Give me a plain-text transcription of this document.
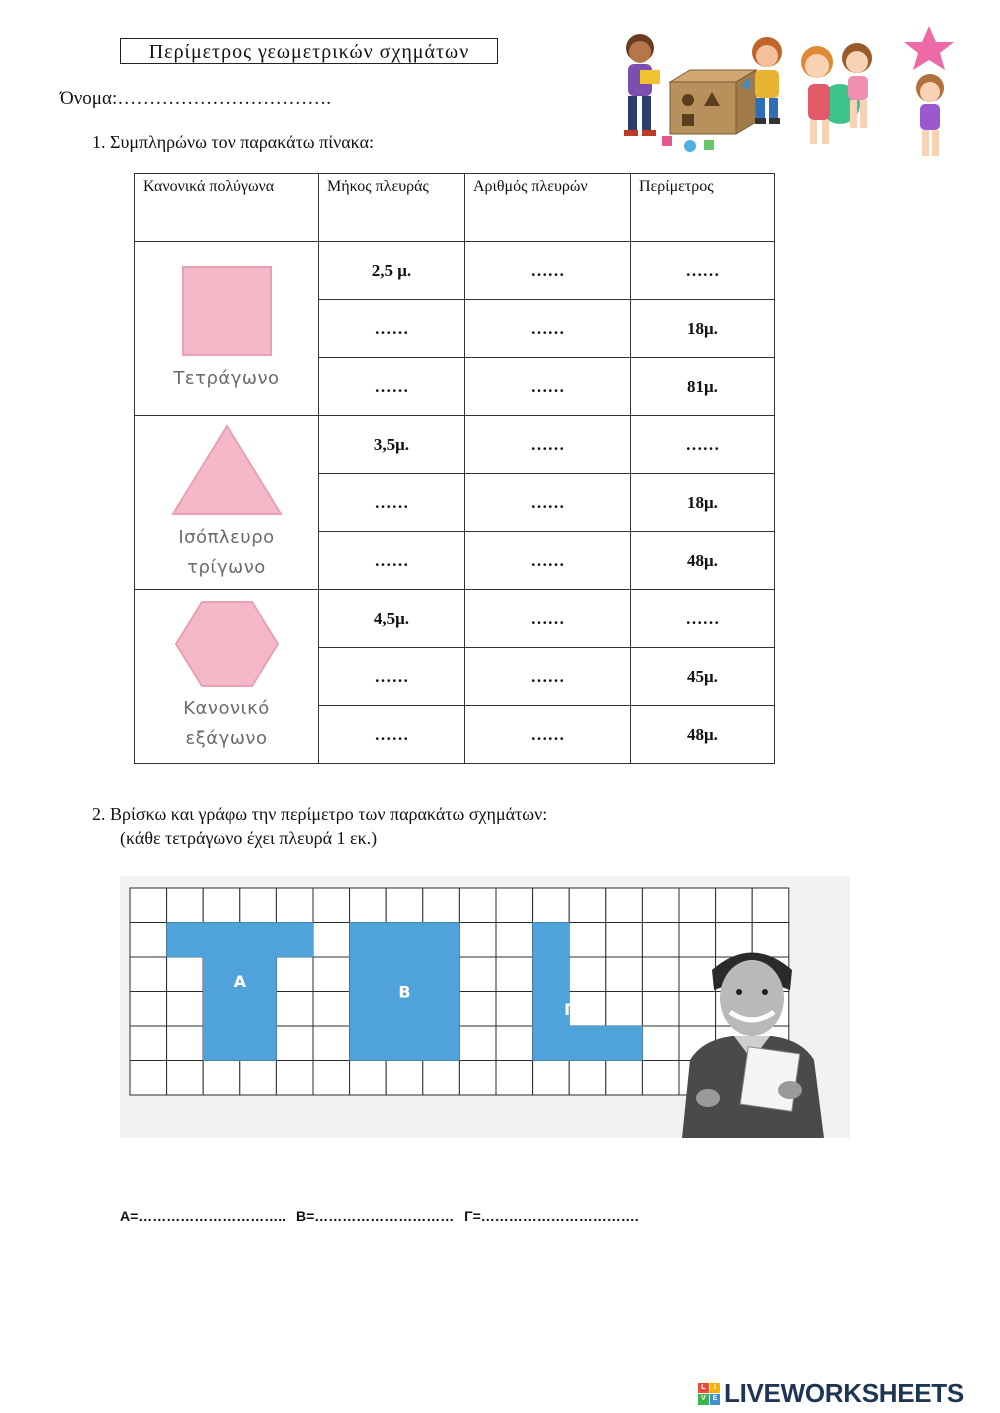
Περίμετρος γεωμετρικών σχημάτων
Όνομα:…………………………….
1. Συμπληρώνω τον παρακάτω πίνακα:
Κανονικά πολύγωνα	Μήκος πλευράς	Αριθμός πλευρών	Περίμετρος

Τετράγωνο	2,5 μ.	……	……
	……	……	18μ.
	……	……	81μ.

Ισόπλευρο
τρίγωνο	3,5μ.	……	……
	……	……	18μ.
	……	……	48μ.

Κανονικό
εξάγωνο	4,5μ.	……	……
	……	……	45μ.
	……	……	48μ.
2. Βρίσκω και γράφω την περίμετρο των παρακάτω σχημάτων:
(κάθε τετράγωνο έχει πλευρά 1 εκ.)
Α
Β
Γ
Α=………………………….. Β=………………………… Γ=…………………………….
L	I
V	E LIVEWORKSHEETS
